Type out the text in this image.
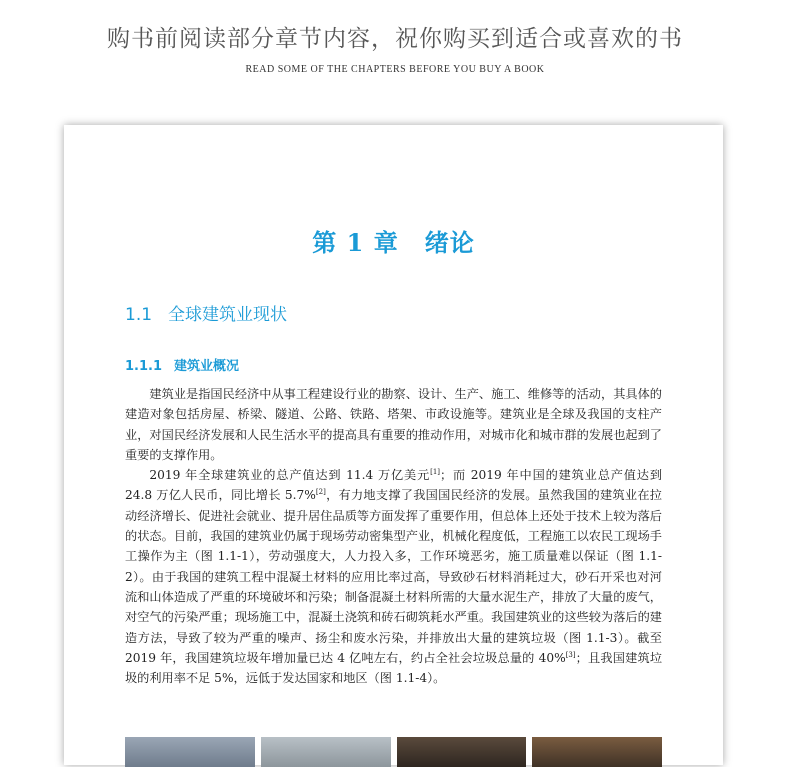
购书前阅读部分章节内容，祝你购买到适合或喜欢的书
READ SOME OF THE CHAPTERS BEFORE YOU BUY A BOOK
第 1 章 绪论
1.1 全球建筑业现状
1.1.1 建筑业概况

建筑业是指国民经济中从事工程建设行业的勘察、设计、生产、施工、维修等的活动，其具体的建造对象包括房屋、桥梁、隧道、公路、铁路、塔架、市政设施等。建筑业是全球及我国的支柱产业，对国民经济发展和人民生活水平的提高具有重要的推动作用，对城市化和城市群的发展也起到了重要的支撑作用。

2019 年全球建筑业的总产值达到 11.4 万亿美元[1]；而 2019 年中国的建筑业总产值达到 24.8 万亿人民币，同比增长 5.7%[2]，有力地支撑了我国国民经济的发展。虽然我国的建筑业在拉动经济增长、促进社会就业、提升居住品质等方面发挥了重要作用，但总体上还处于技术上较为落后的状态。目前，我国的建筑业仍属于现场劳动密集型产业，机械化程度低，工程施工以农民工现场手工操作为主（图 1.1-1），劳动强度大，人力投入多，工作环境恶劣，施工质量难以保证（图 1.1-2）。由于我国的建筑工程中混凝土材料的应用比率过高，导致砂石材料消耗过大，砂石开采也对河流和山体造成了严重的环境破坏和污染；制备混凝土材料所需的大量水泥生产，排放了大量的废气，对空气的污染严重；现场施工中，混凝土浇筑和砖石砌筑耗水严重。我国建筑业的这些较为落后的建造方法，导致了较为严重的噪声、扬尘和废水污染，并排放出大量的建筑垃圾（图 1.1-3）。截至 2019 年，我国建筑垃圾年增加量已达 4 亿吨左右，约占全社会垃圾总量的 40%[3]；且我国建筑垃圾的利用率不足 5%，远低于发达国家和地区（图 1.1-4）。
